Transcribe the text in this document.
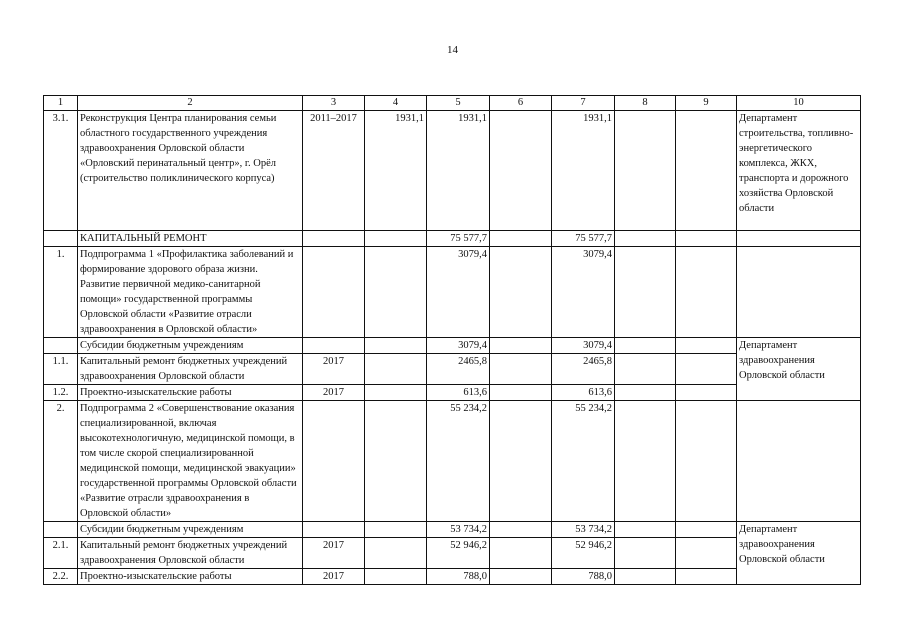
14
1	2	3	4	5	6	7	8	9	10
3.1.	Реконструкция Центра планирования семьи областного государственного учреждения здравоохранения Орловской области «Орловский перинатальный центр», г. Орёл (строительство поликлинического корпуса)	2011–2017	1931,1	1931,1		1931,1			Департамент строительства, топливно-энергетического комплекса, ЖКХ, транспорта и дорожного хозяйства Орловской области
	КАПИТАЛЬНЫЙ РЕМОНТ			75 577,7		75 577,7			
1.	Подпрограмма 1 «Профилактика заболеваний и формирование здорового образа жизни. Развитие первичной медико-санитарной помощи» государственной программы Орловской области «Развитие отрасли здравоохранения в Орловской области»			3079,4		3079,4			
	Субсидии бюджетным учреждениям			3079,4		3079,4			Департамент здравоохранения Орловской области
1.1.	Капитальный ремонт бюджетных учреждений здравоохранения Орловской области	2017		2465,8		2465,8			
1.2.	Проектно-изыскательские работы	2017		613,6		613,6			
2.	Подпрограмма 2 «Совершенствование оказания специализированной, включая высокотехнологичную, медицинской помощи, в том числе скорой специализированной медицинской помощи, медицинской эвакуации» государственной программы Орловской области «Развитие отрасли здравоохранения в Орловской области»			55 234,2		55 234,2			
	Субсидии бюджетным учреждениям			53 734,2		53 734,2			Департамент здравоохранения Орловской области
2.1.	Капитальный ремонт бюджетных учреждений здравоохранения Орловской области	2017		52 946,2		52 946,2			
2.2.	Проектно-изыскательские работы	2017		788,0		788,0			
